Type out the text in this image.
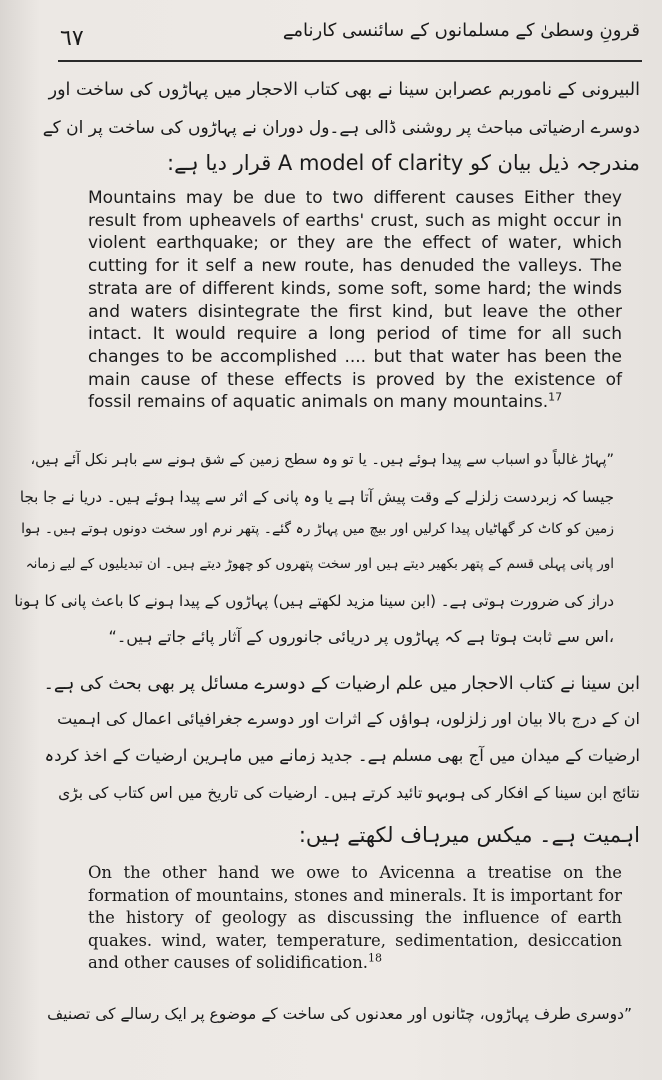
٦٧	قرونِ وسطیٰ کے مسلمانوں کے سائنسی کارنامے
البیرونی کے ناموربم عصرابن سینا نے بھی کتاب الاحجار میں پہاڑوں کی ساخت اور
دوسرے ارضیاتی مباحث پر روشنی ڈالی ہے۔ول دوران نے پہاڑوں کی ساخت پر ان کے
مندرجہ ذیل بیان کو A model of clarity قرار دیا ہے:

Mountains may be due to two different causes Either they result from upheavels of earths' crust, such as might occur in violent earthquake; or they are the effect of water, which cutting for it self a new route, has denuded the valleys. The strata are of different kinds, some soft, some hard; the winds and waters disintegrate the first kind, but leave the other intact. It would require a long period of time for all such changes to be accomplished .... but that water has been the main cause of these effects is proved by the existence of fossil remains of aquatic animals on many mountains.$^{17}$

”پہاڑ غالباً دو اسباب سے پیدا ہوئے ہیں۔ یا تو وہ سطح زمین کے شق ہونے سے باہر نکل آئے ہیں،
جیسا کہ زبردست زلزلے کے وقت پیش آتا ہے یا وہ پانی کے اثر سے پیدا ہوئے ہیں۔ دریا نے جا بجا
زمین کو کاٹ کر گھاٹیاں پیدا کرلیں اور بیچ میں پہاڑ رہ گئے۔ پتھر نرم اور سخت دونوں ہوتے ہیں۔ ہوا
اور پانی پہلی قسم کے پتھر بکھیر دیتے ہیں اور سخت پتھروں کو چھوڑ دیتے ہیں۔ ان تبدیلیوں کے لیے زمانہ
دراز کی ضرورت ہوتی ہے۔ (ابن سینا مزید لکھتے ہیں) پہاڑوں کے پیدا ہونے کا باعث پانی کا ہونا
،اس سے ثابت ہوتا ہے کہ پہاڑوں پر دریائی جانوروں کے آثار پائے جاتے ہیں۔“
ابن سینا نے کتاب الاحجار میں علم ارضیات کے دوسرے مسائل پر بھی بحث کی ہے۔
ان کے درج بالا بیان اور زلزلوں، ہواؤں کے اثرات اور دوسرے جغرافیائی اعمال کی اہمیت
ارضیات کے میدان میں آج بھی مسلم ہے۔ جدید زمانے میں ماہرین ارضیات کے اخذ کردہ
نتائج ابن سینا کے افکار کی ہوبہو تائید کرتے ہیں۔ ارضیات کی تاریخ میں اس کتاب کی بڑی
اہمیت ہے۔ میکس میرہاف لکھتے ہیں:

On the other hand we owe to Avicenna a treatise on the formation of mountains, stones and minerals. It is important for the history of geology as discussing the influence of earth quakes. wind, water, temperature, sedimentation, desiccation and other causes of solidification.$^{18}$

”دوسری طرف پہاڑوں، چٹانوں اور معدنوں کی ساخت کے موضوع پر ایک رسالے کی تصنیف
